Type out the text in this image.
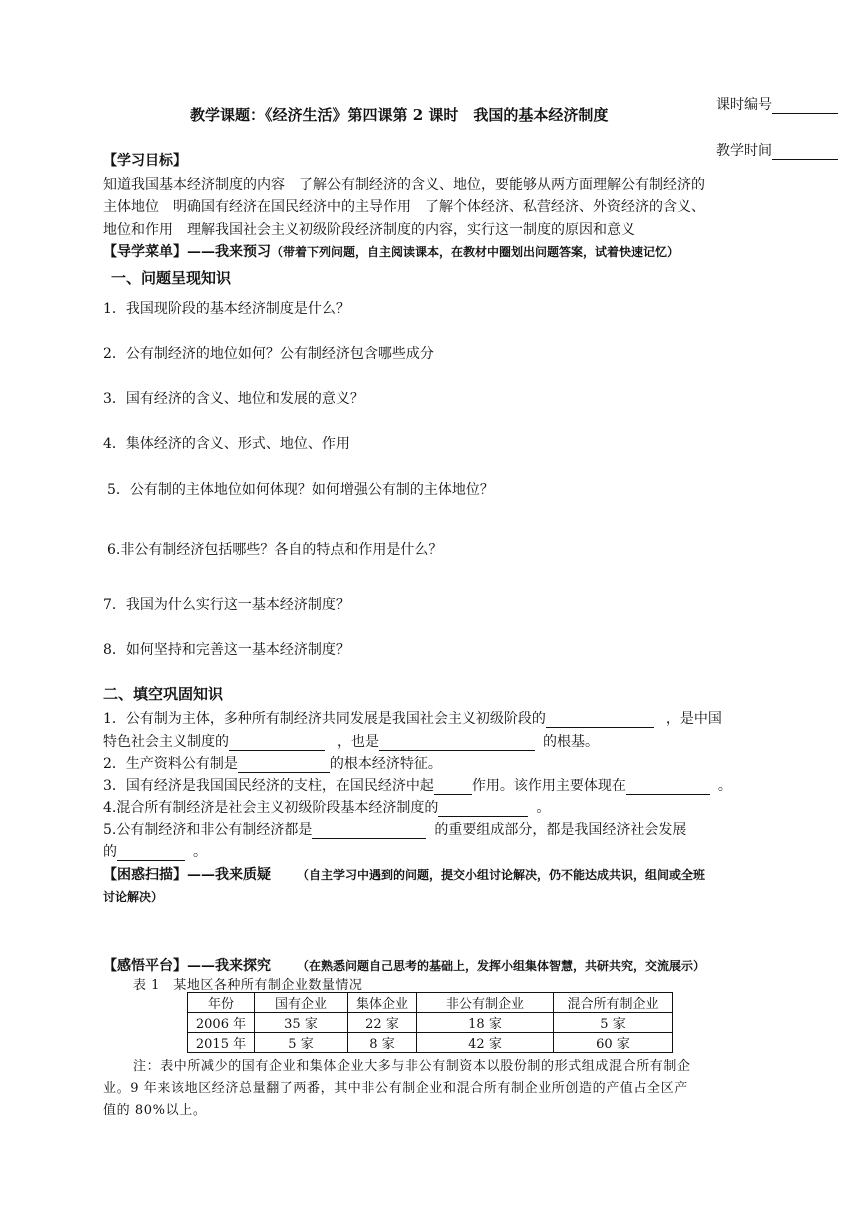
课时编号
教学时间
教学课题：《经济生活》第四课第 2 课时　我国的基本经济制度
【学习目标】
知道我国基本经济制度的内容　了解公有制经济的含义、地位，要能够从两方面理解公有制经济的
主体地位　明确国有经济在国民经济中的主导作用　了解个体经济、私营经济、外资经济的含义、
地位和作用　理解我国社会主义初级阶段经济制度的内容，实行这一制度的原因和意义
【导学菜单】——我来预习（带着下列问题，自主阅读课本，在教材中圈划出问题答案，试着快速记忆）
一、问题呈现知识
1．我国现阶段的基本经济制度是什么？
2．公有制经济的地位如何？公有制经济包含哪些成分
3．国有经济的含义、地位和发展的意义？
4．集体经济的含义、形式、地位、作用
5．公有制的主体地位如何体现？如何增强公有制的主体地位？
6.非公有制经济包括哪些？各自的特点和作用是什么？
7．我国为什么实行这一基本经济制度？
8．如何坚持和完善这一基本经济制度？
二、填空巩固知识
1．公有制为主体，多种所有制经济共同发展是我国社会主义初级阶段的	，是中国
特色社会主义制度的	，也是	的根基。
2．生产资料公有制是	的根本经济特征。
3．国有经济是我国国民经济的支柱，在国民经济中起	作用。该作用主要体现在	。
4.混合所有制经济是社会主义初级阶段基本经济制度的	。
5.公有制经济和非公有制经济都是	的重要组成部分，都是我国经济社会发展
的	。
【困惑扫描】——我来质疑 （自主学习中遇到的问题，提交小组讨论解决，仍不能达成共识，组间或全班
讨论解决）
【感悟平台】——我来探究 （在熟悉问题自己思考的基础上，发挥小组集体智慧，共研共究，交流展示）
表 1　某地区各种所有制企业数量情况
年份	国有企业	集体企业	非公有制企业	混合所有制企业
2006 年	35 家	22 家	18 家	5 家
2015 年	5 家	8 家	42 家	60 家
注：表中所减少的国有企业和集体企业大多与非公有制资本以股份制的形式组成混合所有制企
业。9 年来该地区经济总量翻了两番，其中非公有制企业和混合所有制企业所创造的产值占全区产
值的 80%以上。
